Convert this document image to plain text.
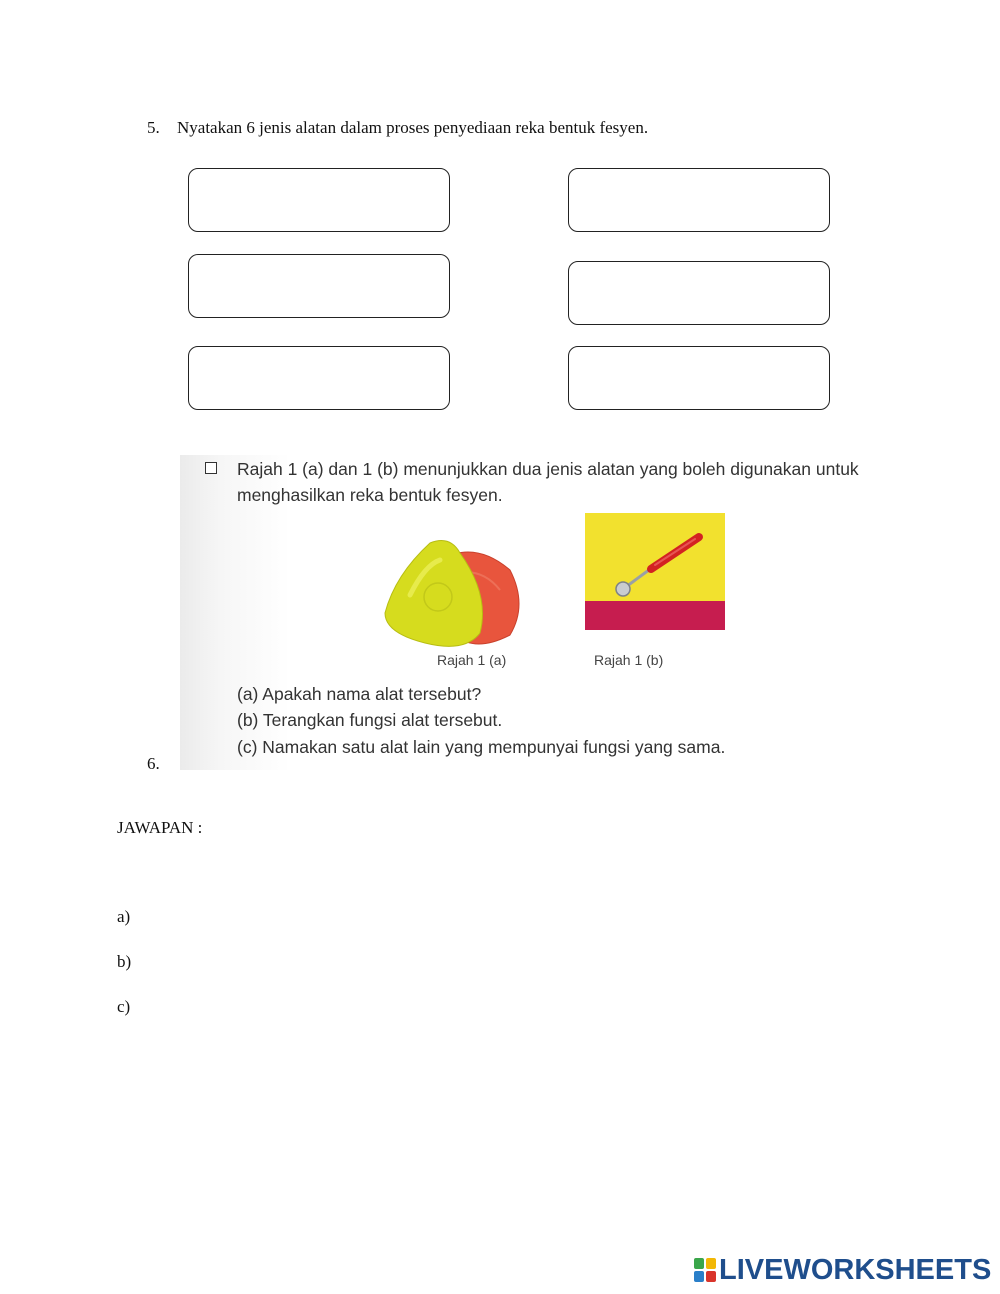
5. Nyatakan 6 jenis alatan dalam proses penyediaan reka bentuk fesyen.
Rajah 1 (a) dan 1 (b) menunjukkan dua jenis alatan yang boleh digunakan untuk menghasilkan reka bentuk fesyen.
Rajah 1 (a)	Rajah 1 (b)
(a) Apakah nama alat tersebut?
(b) Terangkan fungsi alat tersebut.
(c) Namakan satu alat lain yang mempunyai fungsi yang sama.
6.
JAWAPAN :
a)
b)
c)
LIVEWORKSHEETS
